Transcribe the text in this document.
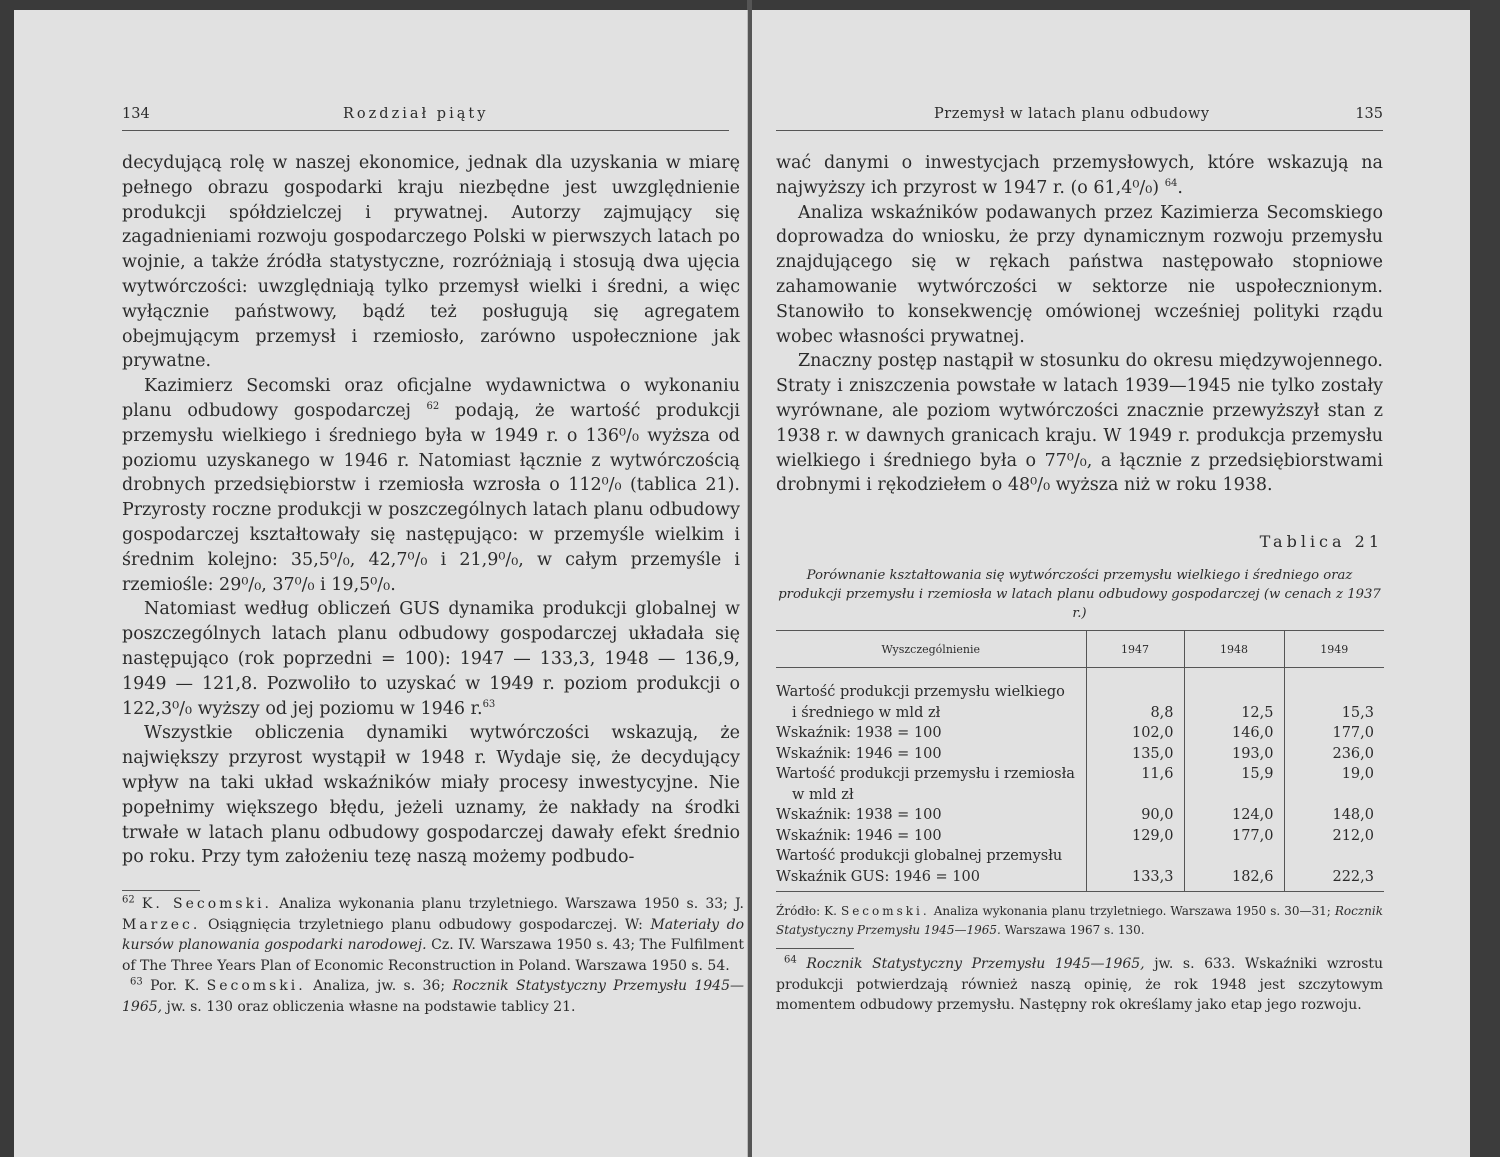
134	Rozdział piąty

decydującą rolę w naszej ekonomice, jednak dla uzyskania w miarę pełnego obrazu gospodarki kraju niezbędne jest uwzględnienie produkcji spółdzielczej i prywatnej. Autorzy zajmujący się zagadnieniami rozwoju gospodarczego Polski w pierwszych latach po wojnie, a także źródła statystyczne, rozróżniają i stosują dwa ujęcia wytwórczości: uwzględniają tylko przemysł wielki i średni, a więc wyłącznie państwowy, bądź też posługują się agregatem obejmującym przemysł i rzemiosło, zarówno uspołecznione jak prywatne.

Kazimierz Secomski oraz oficjalne wydawnictwa o wykonaniu planu odbudowy gospodarczej $^{62}$ podają, że wartość produkcji przemysłu wielkiego i średniego była w 1949 r. o 136⁰/₀ wyższa od poziomu uzyskanego w 1946 r. Natomiast łącznie z wytwórczością drobnych przedsiębiorstw i rzemiosła wzrosła o 112⁰/₀ (tablica 21). Przyrosty roczne produkcji w poszczególnych latach planu odbudowy gospodarczej kształtowały się następująco: w przemyśle wielkim i średnim kolejno: 35,5⁰/₀, 42,7⁰/₀ i 21,9⁰/₀, w całym przemyśle i rzemiośle: 29⁰/₀, 37⁰/₀ i 19,5⁰/₀.

Natomiast według obliczeń GUS dynamika produkcji globalnej w poszczególnych latach planu odbudowy gospodarczej układała się następująco (rok poprzedni = 100): 1947 — 133,3, 1948 — 136,9, 1949 — 121,8. Pozwoliło to uzyskać w 1949 r. poziom produkcji o 122,3⁰/₀ wyższy od jej poziomu w 1946 r.$^{63}$

Wszystkie obliczenia dynamiki wytwórczości wskazują, że największy przyrost wystąpił w 1948 r. Wydaje się, że decydujący wpływ na taki układ wskaźników miały procesy inwestycyjne. Nie popełnimy większego błędu, jeżeli uznamy, że nakłady na środki trwałe w latach planu odbudowy gospodarczej dawały efekt średnio po roku. Przy tym założeniu tezę naszą możemy podbudo-

$^{62}$ K. Secomski. Analiza wykonania planu trzyletniego. Warszawa 1950 s. 33; J. Marzec. Osiągnięcia trzyletniego planu odbudowy gospodarczej. W: Materiały do kursów planowania gospodarki narodowej. Cz. IV. Warszawa 1950 s. 43; The Fulfilment of The Three Years Plan of Economic Reconstruction in Poland. Warszawa 1950 s. 54.

$^{63}$ Por. K. Secomski. Analiza, jw. s. 36; Rocznik Statystyczny Przemysłu 1945—1965, jw. s. 130 oraz obliczenia własne na podstawie tablicy 21.

Przemysł w latach planu odbudowy	135

wać danymi o inwestycjach przemysłowych, które wskazują na najwyższy ich przyrost w 1947 r. (o 61,4⁰/₀) $^{64}$.

Analiza wskaźników podawanych przez Kazimierza Secomskiego doprowadza do wniosku, że przy dynamicznym rozwoju przemysłu znajdującego się w rękach państwa następowało stopniowe zahamowanie wytwórczości w sektorze nie uspołecznionym. Stanowiło to konsekwencję omówionej wcześniej polityki rządu wobec własności prywatnej.

Znaczny postęp nastąpił w stosunku do okresu międzywojennego. Straty i zniszczenia powstałe w latach 1939—1945 nie tylko zostały wyrównane, ale poziom wytwórczości znacznie przewyższył stan z 1938 r. w dawnych granicach kraju. W 1949 r. produkcja przemysłu wielkiego i średniego była o 77⁰/₀, a łącznie z przedsiębiorstwami drobnymi i rękodziełem o 48⁰/₀ wyższa niż w roku 1938.

Tablica 21
Porównanie kształtowania się wytwórczości przemysłu wielkiego i średniego oraz produkcji przemysłu i rzemiosła w latach planu odbudowy gospodarczej (w cenach z 1937 r.)
Wyszczególnienie	1947	1948	1949
Wartość produkcji przemysłu wielkiego			
i średniego w mld zł	8,8	12,5	15,3
Wskaźnik: 1938 = 100	102,0	146,0	177,0
Wskaźnik: 1946 = 100	135,0	193,0	236,0
Wartość produkcji przemysłu i rzemiosła	11,6	15,9	19,0
w mld zł			
Wskaźnik: 1938 = 100	90,0	124,0	148,0
Wskaźnik: 1946 = 100	129,0	177,0	212,0
Wartość produkcji globalnej przemysłu			
Wskaźnik GUS: 1946 = 100	133,3	182,6	222,3
Źródło: K. Secomski. Analiza wykonania planu trzyletniego. Warszawa 1950 s. 30—31; Rocznik Statystyczny Przemysłu 1945—1965. Warszawa 1967 s. 130.

$^{64}$ Rocznik Statystyczny Przemysłu 1945—1965, jw. s. 633. Wskaźniki wzrostu produkcji potwierdzają również naszą opinię, że rok 1948 jest szczytowym momentem odbudowy przemysłu. Następny rok określamy jako etap jego rozwoju.
